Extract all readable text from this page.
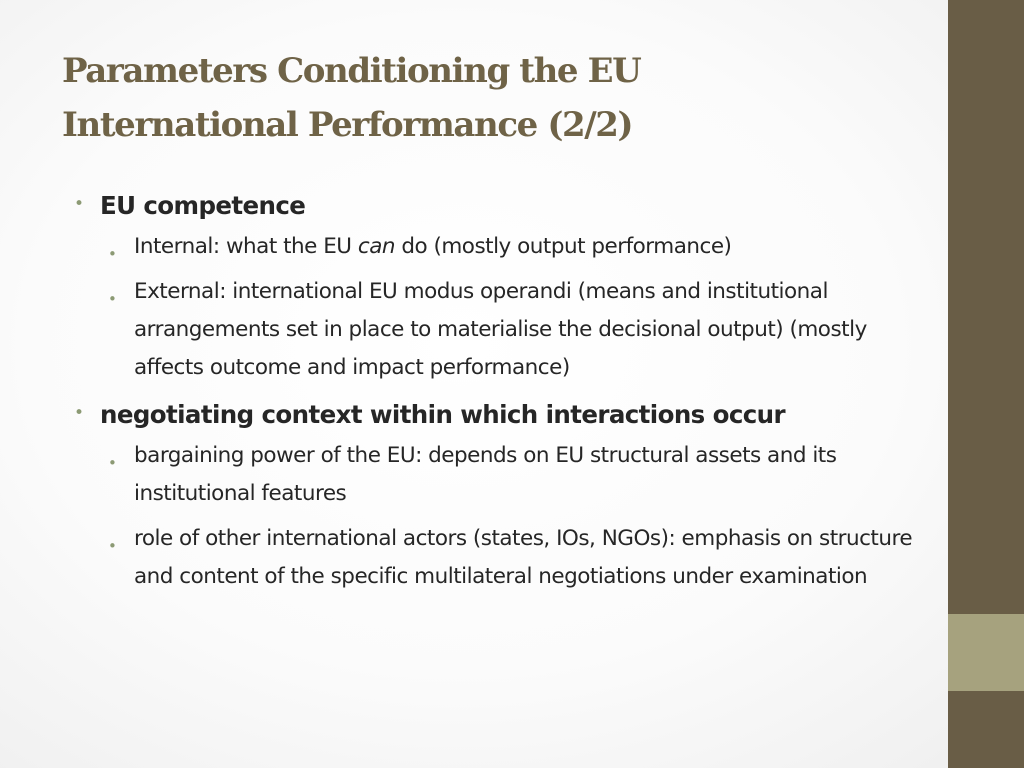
Parameters Conditioning the EU
International Performance (2/2)
• EU competence
• Internal: what the EU can do (mostly output performance)
• External: international EU modus operandi (means and institutional arrangements set in place to materialise the decisional output) (mostly affects outcome and impact performance)
• negotiating context within which interactions occur
• bargaining power of the EU: depends on EU structural assets and its institutional features
• role of other international actors (states, IOs, NGOs): emphasis on structure and content of the specific multilateral negotiations under examination
